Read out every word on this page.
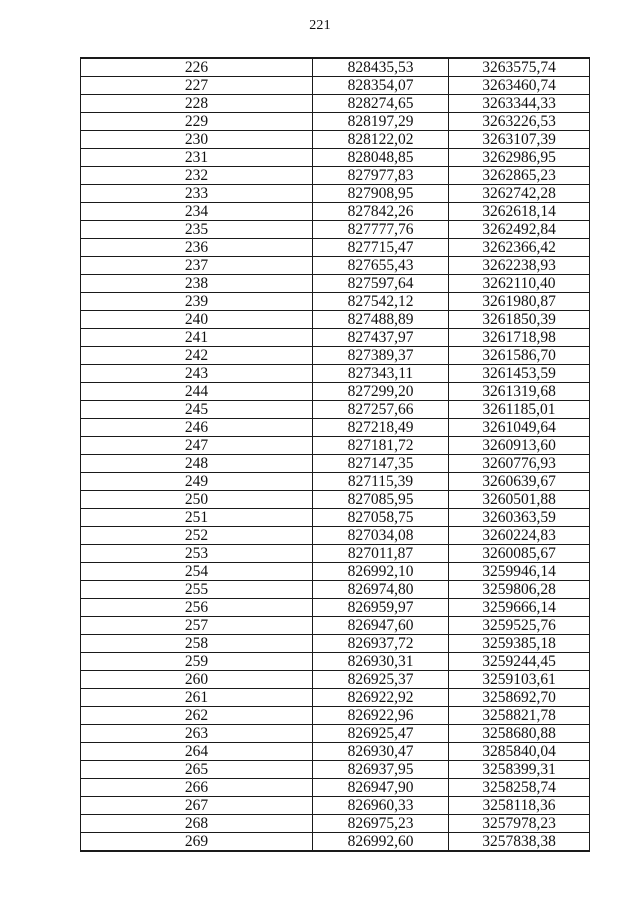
221
226	828435,53	3263575,74
227	828354,07	3263460,74
228	828274,65	3263344,33
229	828197,29	3263226,53
230	828122,02	3263107,39
231	828048,85	3262986,95
232	827977,83	3262865,23
233	827908,95	3262742,28
234	827842,26	3262618,14
235	827777,76	3262492,84
236	827715,47	3262366,42
237	827655,43	3262238,93
238	827597,64	3262110,40
239	827542,12	3261980,87
240	827488,89	3261850,39
241	827437,97	3261718,98
242	827389,37	3261586,70
243	827343,11	3261453,59
244	827299,20	3261319,68
245	827257,66	3261185,01
246	827218,49	3261049,64
247	827181,72	3260913,60
248	827147,35	3260776,93
249	827115,39	3260639,67
250	827085,95	3260501,88
251	827058,75	3260363,59
252	827034,08	3260224,83
253	827011,87	3260085,67
254	826992,10	3259946,14
255	826974,80	3259806,28
256	826959,97	3259666,14
257	826947,60	3259525,76
258	826937,72	3259385,18
259	826930,31	3259244,45
260	826925,37	3259103,61
261	826922,92	3258692,70
262	826922,96	3258821,78
263	826925,47	3258680,88
264	826930,47	3285840,04
265	826937,95	3258399,31
266	826947,90	3258258,74
267	826960,33	3258118,36
268	826975,23	3257978,23
269	826992,60	3257838,38
